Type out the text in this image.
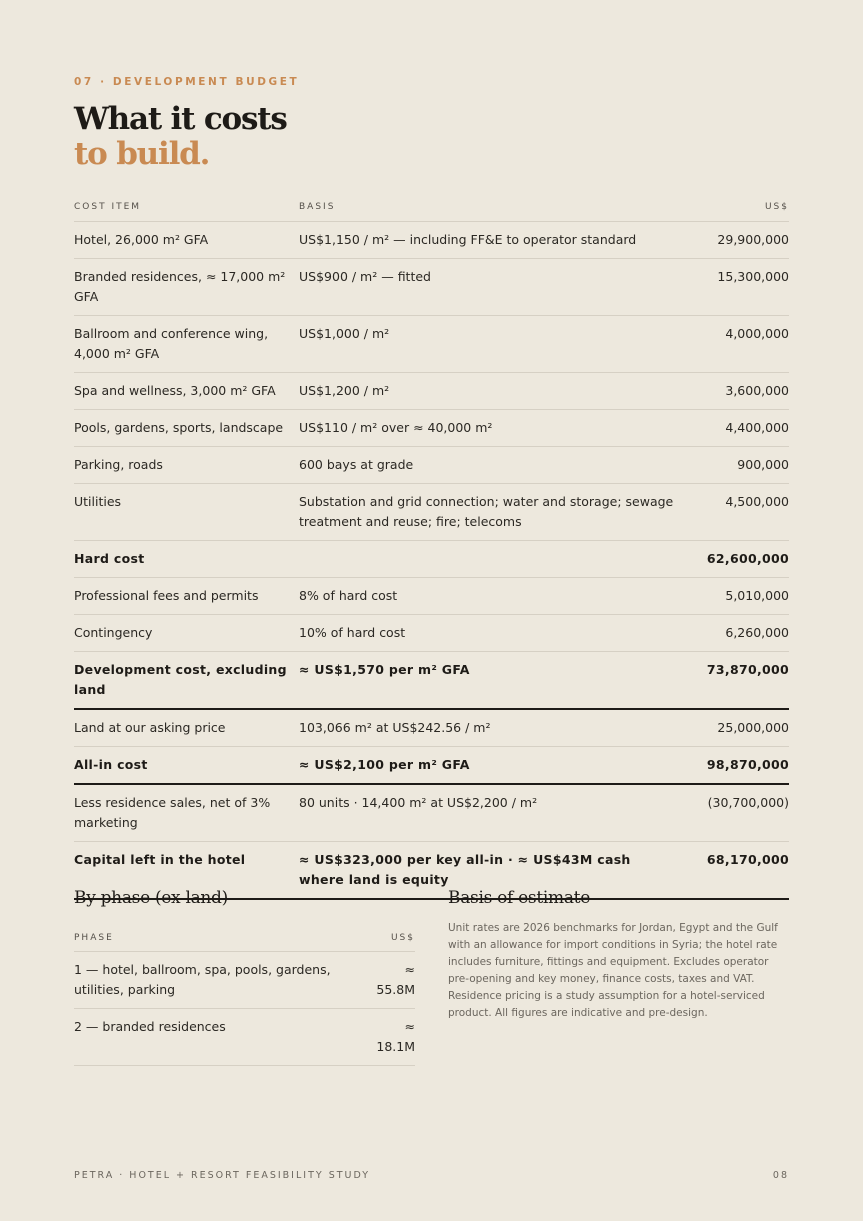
07 · DEVELOPMENT BUDGET
What it costs
to build.
COST ITEM	BASIS	US$
Hotel, 26,000 m² GFA	US$1,150 / m² — including FF&E to operator standard	29,900,000
Branded residences, ≈ 17,000 m² GFA	US$900 / m² — fitted	15,300,000
Ballroom and conference wing, 4,000 m² GFA	US$1,000 / m²	4,000,000
Spa and wellness, 3,000 m² GFA	US$1,200 / m²	3,600,000
Pools, gardens, sports, landscape	US$110 / m² over ≈ 40,000 m²	4,400,000
Parking, roads	600 bays at grade	900,000
Utilities	Substation and grid connection; water and storage; sewage treatment and reuse; fire; telecoms	4,500,000
Hard cost		62,600,000
Professional fees and permits	8% of hard cost	5,010,000
Contingency	10% of hard cost	6,260,000
Development cost, excluding land	≈ US$1,570 per m² GFA	73,870,000
Land at our asking price	103,066 m² at US$242.56 / m²	25,000,000
All-in cost	≈ US$2,100 per m² GFA	98,870,000
Less residence sales, net of 3% marketing	80 units · 14,400 m² at US$2,200 / m²	(30,700,000)
Capital left in the hotel	≈ US$323,000 per key all-in · ≈ US$43M cash where land is equity	68,170,000
By phase (ex land)
PHASE	US$
1 — hotel, ballroom, spa, pools, gardens, utilities, parking	≈
55.8M

2 — branded residences	≈
18.1M
Basis of estimate
Unit rates are 2026 benchmarks for Jordan, Egypt and the Gulf with an allowance for import conditions in Syria; the hotel rate includes furniture, fittings and equipment. Excludes operator pre-opening and key money, finance costs, taxes and VAT. Residence pricing is a study assumption for a hotel-serviced product. All figures are indicative and pre-design.
PETRA · HOTEL + RESORT FEASIBILITY STUDY	08
